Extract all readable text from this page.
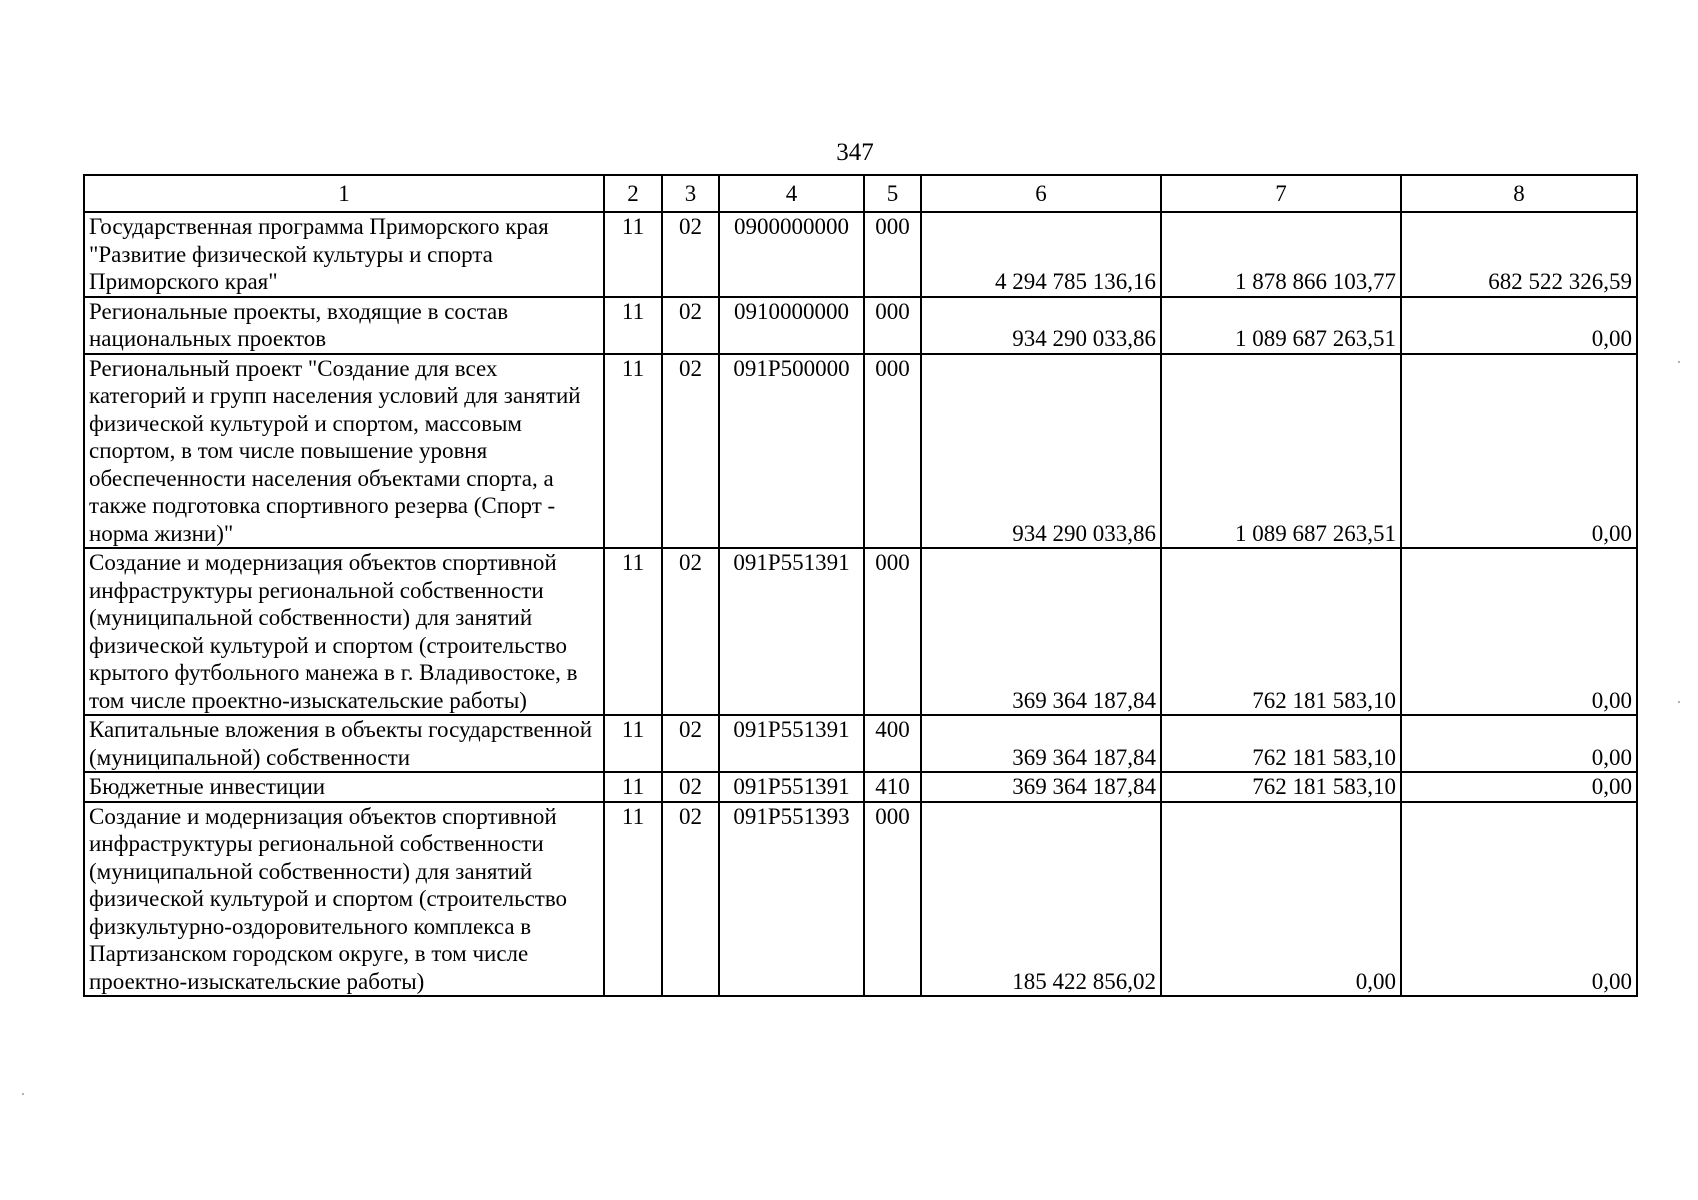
347
1	2	3	4	5	6	7	8
Государственная программа Приморского края "Развитие физической культуры и спорта Приморского края"	11	02	0900000000	000	4 294 785 136,16	1 878 866 103,77	682 522 326,59
Региональные проекты, входящие в состав национальных проектов	11	02	0910000000	000	934 290 033,86	1 089 687 263,51	0,00
Региональный проект "Создание для всех категорий и групп населения условий для занятий физической культурой и спортом, массовым спортом, в том числе повышение уровня обеспеченности населения объектами спорта, а также подготовка спортивного резерва (Спорт - норма жизни)"	11	02	091P500000	000	934 290 033,86	1 089 687 263,51	0,00
Создание и модернизация объектов спортивной инфраструктуры региональной собственности (муниципальной собственности) для занятий физической культурой и спортом (строительство крытого футбольного манежа в г. Владивостоке, в том числе проектно-изыскательские работы)	11	02	091P551391	000	369 364 187,84	762 181 583,10	0,00
Капитальные вложения в объекты государственной (муниципальной) собственности	11	02	091P551391	400	369 364 187,84	762 181 583,10	0,00
Бюджетные инвестиции	11	02	091P551391	410	369 364 187,84	762 181 583,10	0,00
Создание и модернизация объектов спортивной инфраструктуры региональной собственности (муниципальной собственности) для занятий физической культурой и спортом (строительство физкультурно-оздоровительного комплекса в Партизанском городском округе, в том числе проектно-изыскательские работы)	11	02	091P551393	000	185 422 856,02	0,00	0,00
